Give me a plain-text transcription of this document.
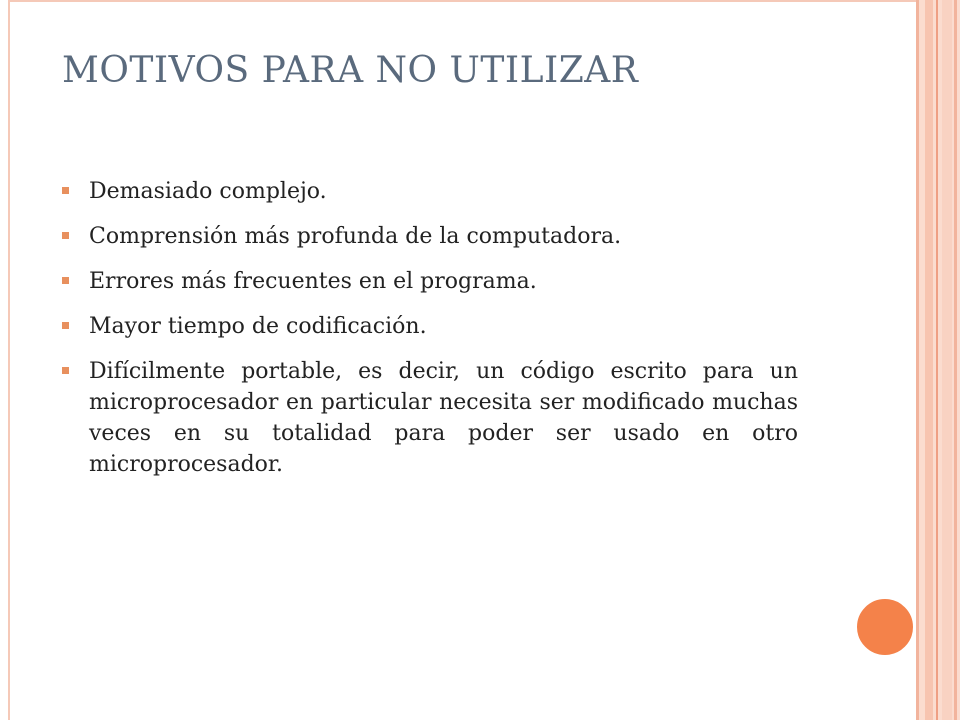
MOTIVOS PARA NO UTILIZAR
Demasiado complejo.
Comprensión más profunda de la computadora.
Errores más frecuentes en el programa.
Mayor tiempo de codificación.
Difícilmente portable, es decir, un código escrito para un microprocesador en particular necesita ser modificado muchas veces en su totalidad para poder ser usado en otro microprocesador.
